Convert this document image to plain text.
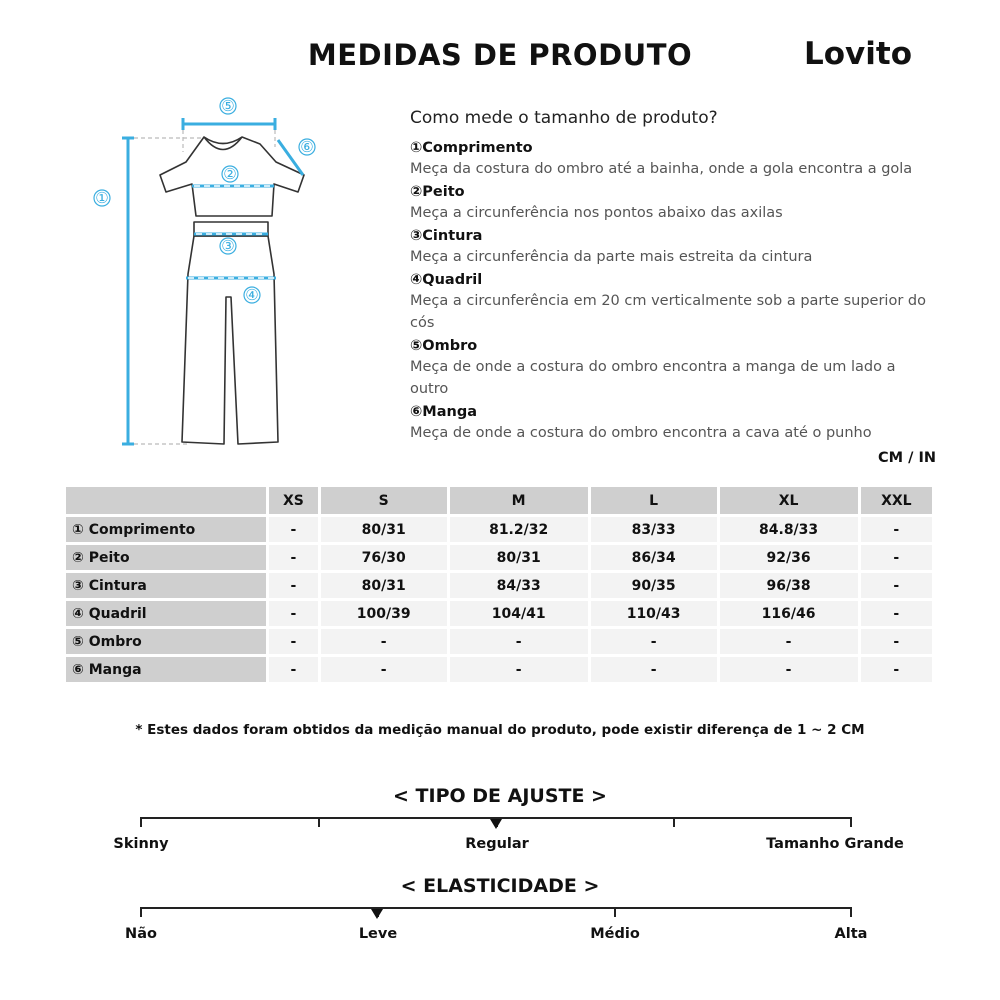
MEDIDAS DE PRODUTO	Lovito
①
②
③
④
⑤
⑥
Como mede o tamanho de produto?
①Comprimento
Meça da costura do ombro até a bainha, onde a gola encontra a gola
②Peito
Meça a circunferência nos pontos abaixo das axilas
③Cintura
Meça a circunferência da parte mais estreita da cintura
④Quadril
Meça a circunferência em 20 cm verticalmente sob a parte superior do cós
⑤Ombro
Meça de onde a costura do ombro encontra a manga de um lado a outro
⑥Manga
Meça de onde a costura do ombro encontra a cava até o punho
CM / IN
	XS	S	M	L	XL	XXL
① Comprimento	-	80/31	81.2/32	83/33	84.8/33	-
② Peito	-	76/30	80/31	86/34	92/36	-
③ Cintura	-	80/31	84/33	90/35	96/38	-
④ Quadril	-	100/39	104/41	110/43	116/46	-
⑤ Ombro	-	-	-	-	-	-
⑥ Manga	-	-	-	-	-	-
* Estes dados foram obtidos da medição manual do produto, pode existir diferença de 1 ~ 2 CM
< TIPO DE AJUSTE >
Skinny	Regular	Tamanho Grande
< ELASTICIDADE >
Não	Leve	Médio	Alta
